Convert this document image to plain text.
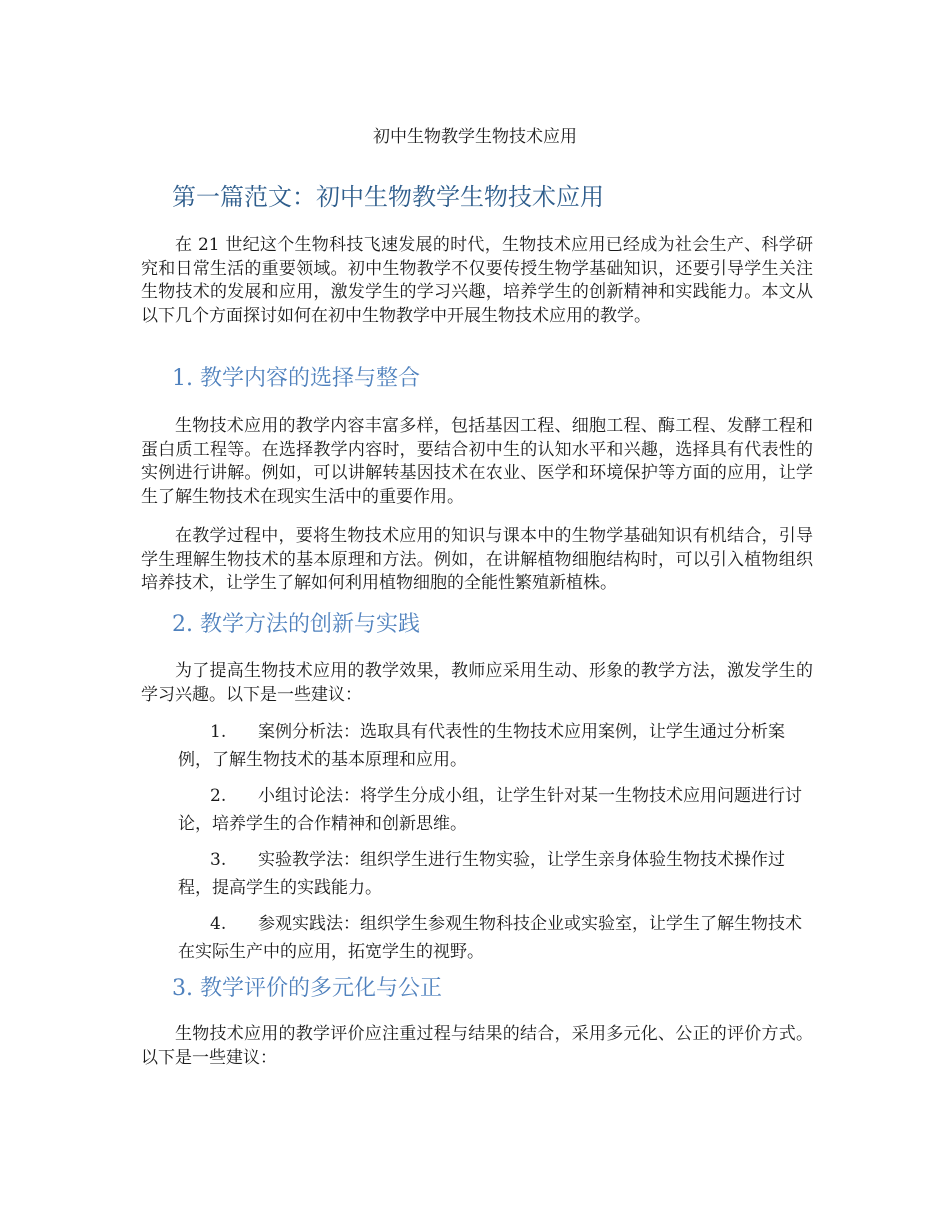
初中生物教学生物技术应用
第一篇范文：初中生物教学生物技术应用
在 21 世纪这个生物科技飞速发展的时代，生物技术应用已经成为社会生产、科学研究和日常生活的重要领域。初中生物教学不仅要传授生物学基础知识，还要引导学生关注生物技术的发展和应用，激发学生的学习兴趣，培养学生的创新精神和实践能力。本文从以下几个方面探讨如何在初中生物教学中开展生物技术应用的教学。
1. 教学内容的选择与整合
生物技术应用的教学内容丰富多样，包括基因工程、细胞工程、酶工程、发酵工程和蛋白质工程等。在选择教学内容时，要结合初中生的认知水平和兴趣，选择具有代表性的实例进行讲解。例如，可以讲解转基因技术在农业、医学和环境保护等方面的应用，让学生了解生物技术在现实生活中的重要作用。
在教学过程中，要将生物技术应用的知识与课本中的生物学基础知识有机结合，引导学生理解生物技术的基本原理和方法。例如，在讲解植物细胞结构时，可以引入植物组织培养技术，让学生了解如何利用植物细胞的全能性繁殖新植株。
2. 教学方法的创新与实践
为了提高生物技术应用的教学效果，教师应采用生动、形象的教学方法，激发学生的学习兴趣。以下是一些建议：
1. 案例分析法：选取具有代表性的生物技术应用案例，让学生通过分析案例，了解生物技术的基本原理和应用。
2. 小组讨论法：将学生分成小组，让学生针对某一生物技术应用问题进行讨论，培养学生的合作精神和创新思维。
3. 实验教学法：组织学生进行生物实验，让学生亲身体验生物技术操作过程，提高学生的实践能力。
4. 参观实践法：组织学生参观生物科技企业或实验室，让学生了解生物技术在实际生产中的应用，拓宽学生的视野。
3. 教学评价的多元化与公正
生物技术应用的教学评价应注重过程与结果的结合，采用多元化、公正的评价方式。以下是一些建议：
